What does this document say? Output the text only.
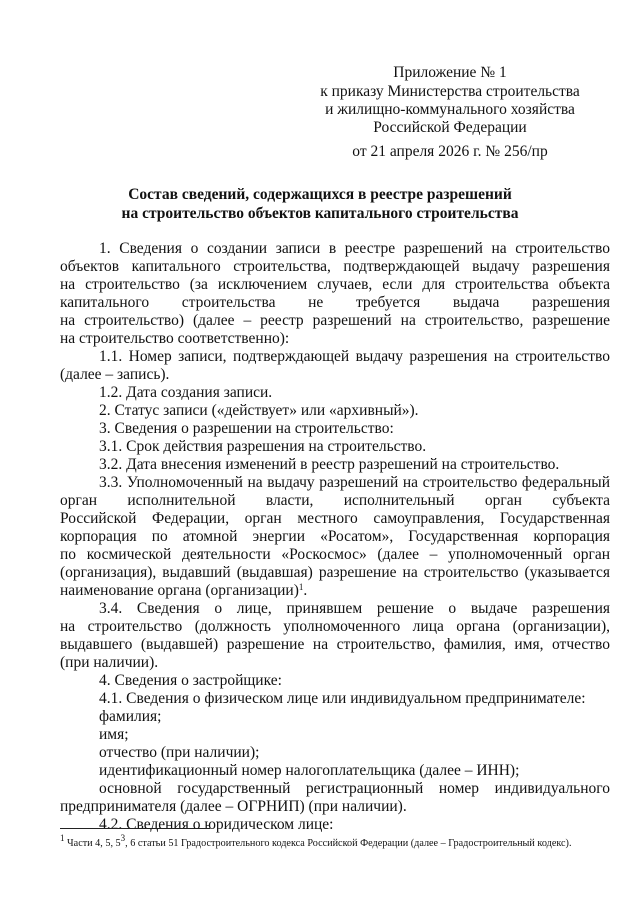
Приложение № 1
к приказу Министерства строительства
и жилищно-коммунального хозяйства
Российской Федерации
от 21 апреля 2026 г. № 256/пр
Состав сведений, содержащихся в реестре разрешений
на строительство объектов капитального строительства
1. Сведения о создании записи в реестре разрешений на строительство
объектов капитального строительства, подтверждающей выдачу разрешения
на строительство (за исключением случаев, если для строительства объекта
капитального строительства не требуется выдача разрешения
на строительство) (далее – реестр разрешений на строительство, разрешение
на строительство соответственно):
1.1. Номер записи, подтверждающей выдачу разрешения на строительство
(далее – запись).
1.2. Дата создания записи.
2. Статус записи («действует» или «архивный»).
3. Сведения о разрешении на строительство:
3.1. Срок действия разрешения на строительство.
3.2. Дата внесения изменений в реестр разрешений на строительство.
3.3. Уполномоченный на выдачу разрешений на строительство федеральный
орган исполнительной власти, исполнительный орган субъекта
Российской Федерации, орган местного самоуправления, Государственная
корпорация по атомной энергии «Росатом», Государственная корпорация
по космической деятельности «Роскосмос» (далее – уполномоченный орган
(организация), выдавший (выдавшая) разрешение на строительство (указывается
наименование органа (организации)$^1$.
3.4. Сведения о лице, принявшем решение о выдаче разрешения
на строительство (должность уполномоченного лица органа (организации),
выдавшего (выдавшей) разрешение на строительство, фамилия, имя, отчество
(при наличии).
4. Сведения о застройщике:
4.1. Сведения о физическом лице или индивидуальном предпринимателе:
фамилия;
имя;
отчество (при наличии);
идентификационный номер налогоплательщика (далее – ИНН);
основной государственный регистрационный номер индивидуального
предпринимателя (далее – ОГРНИП) (при наличии).
4.2. Сведения о юридическом лице:
$^1$ Части 4, 5, $5^3$, 6 статьи 51 Градостроительного кодекса Российской Федерации (далее – Градостроительный кодекс).
